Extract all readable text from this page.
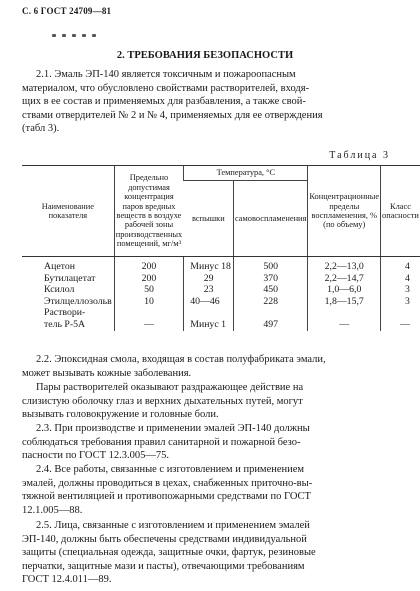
С. 6 ГОСТ 24709—81
2. ТРЕБОВАНИЯ БЕЗОПАСНОСТИ
2.1. Эмаль ЭП-140 является токсичным и пожароопасным
материалом, что обусловлено свойствами растворителей, входя-
щих в ее состав и применяемых для разбавления, а также свой-
ствами отвердителей № 2 и № 4, применяемых для ее отверждения
(табл 3).
Таблица 3
Наименование показателя	Предельно допустимая концентрация паров вредных веществ в воздухе рабочей зоны производственных помещений, мг/м³	Температура, °С		Концентрационные пределы воспламенения, % (по объему)	Класс опасности
		вспышки	самовоспламенения		
Ацетон	200	Минус 18	500	2,2—13,0	4
Бутилацетат	200	29	370	2,2—14,7	4
Ксилол	50	23	450	1,0—6,0	3
Этилцеллозольв	10	40—46	228	1,8—15,7	3
Раствори-					
тель Р-5А	—	Минус 1	497	—	—
2.2. Эпоксидная смола, входящая в состав полуфабриката эмали,
может вызывать кожные заболевания.
Пары растворителей оказывают раздражающее действие на
слизистую оболочку глаз и верхних дыхательных путей, могут
вызывать головокружение и головные боли.
2.3. При производстве и применении эмалей ЭП-140 должны
соблюдаться требования правил санитарной и пожарной безо-
пасности по ГОСТ 12.3.005—75.
2.4. Все работы, связанные с изготовлением и применением
эмалей, должны проводиться в цехах, снабженных приточно-вы-
тяжной вентиляцией и противопожарными средствами по ГОСТ
12.1.005—88.
2.5. Лица, связанные с изготовлением и применением эмалей
ЭП-140, должны быть обеспечены средствами индивидуальной
защиты (специальная одежда, защитные очки, фартук, резиновые
перчатки, защитные мази и пасты), отвечающими требованиям
ГОСТ 12.4.011—89.
